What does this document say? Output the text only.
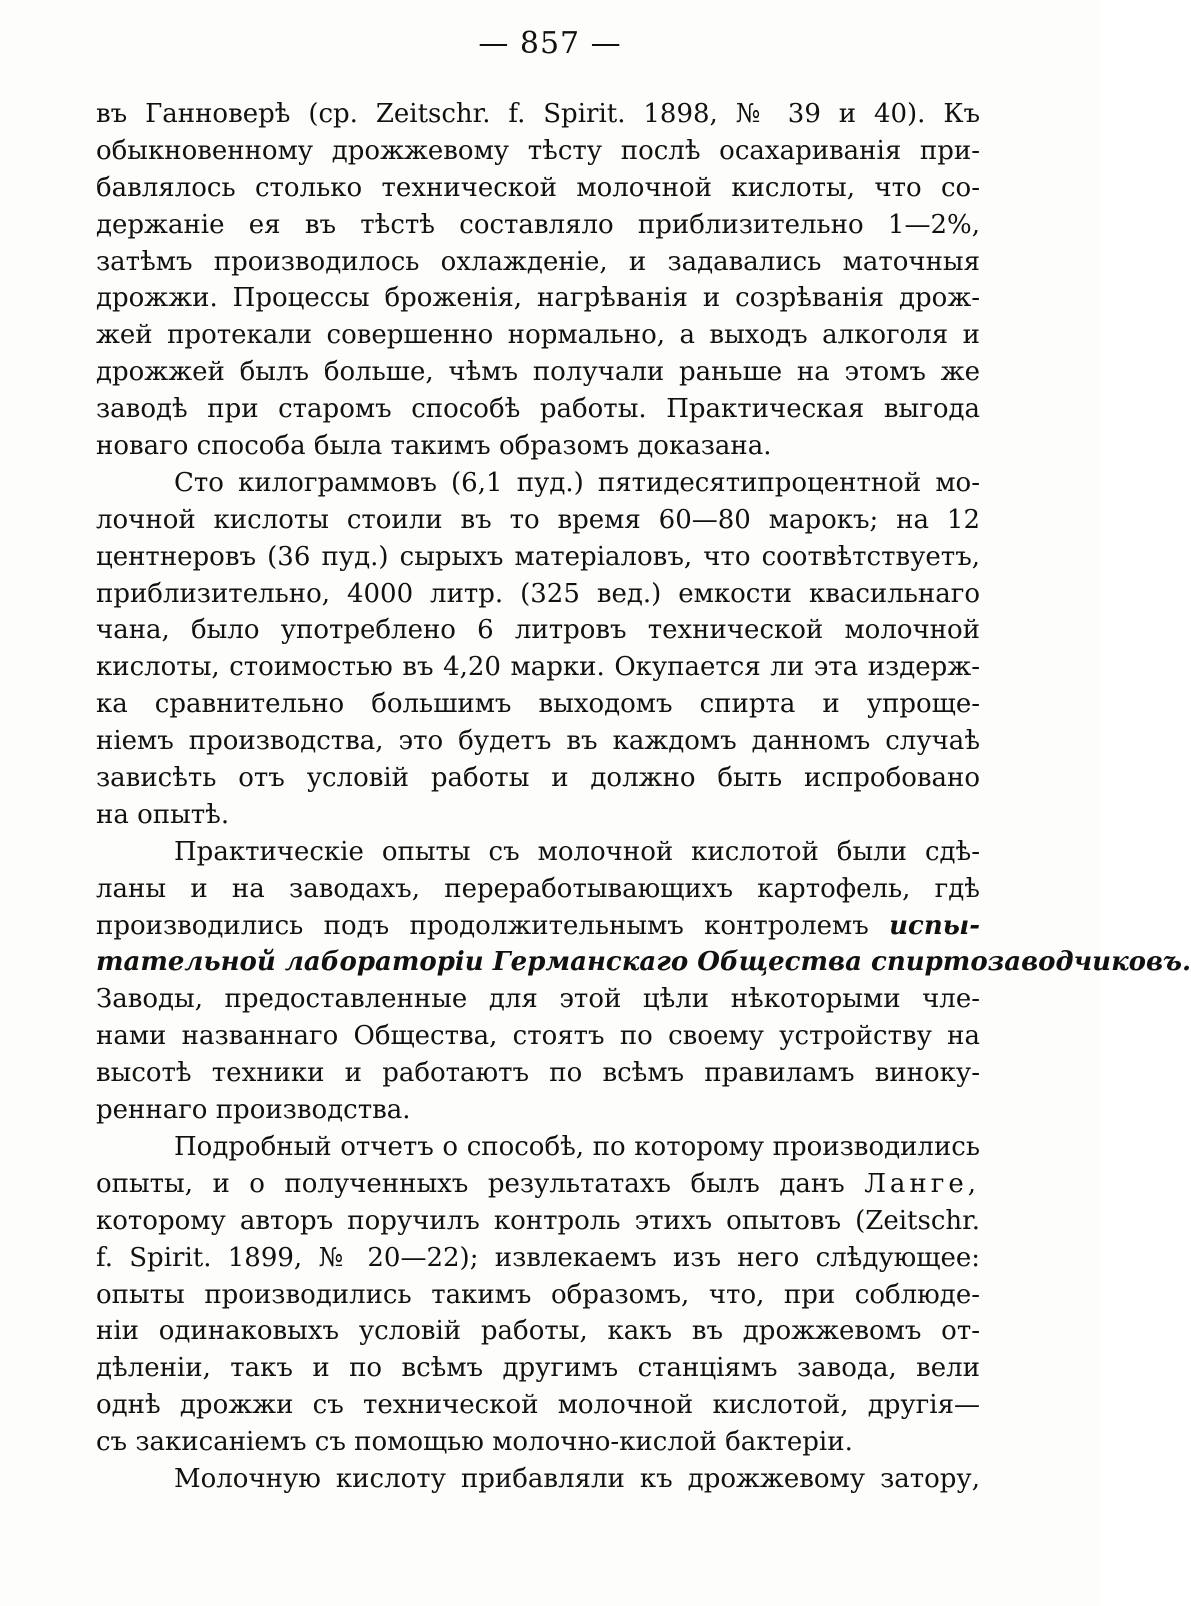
— 857 —
въ Ганноверѣ (ср. Zeitschr. f. Spirit. 1898, № 39 и 40). Къ
обыкновенному дрожжевому тѣсту послѣ осахариванія при-
бавлялось столько технической молочной кислоты, что со-
держаніе ея въ тѣстѣ составляло приблизительно 1—2%,
затѣмъ производилось охлажденіе, и задавались маточныя
дрожжи. Процессы броженія, нагрѣванія и созрѣванія дрож-
жей протекали совершенно нормально, а выходъ алкоголя и
дрожжей былъ больше, чѣмъ получали раньше на этомъ же
заводѣ при старомъ способѣ работы. Практическая выгода
новаго способа была такимъ образомъ доказана.
Сто килограммовъ (6,1 пуд.) пятидесятипроцентной мо-
лочной кислоты стоили въ то время 60—80 марокъ; на 12
центнеровъ (36 пуд.) сырыхъ матеріаловъ, что соотвѣтствуетъ,
приблизительно, 4000 литр. (325 вед.) емкости квасильнаго
чана, было употреблено 6 литровъ технической молочной
кислоты, стоимостью въ 4,20 марки. Окупается ли эта издерж-
ка сравнительно большимъ выходомъ спирта и упроще-
ніемъ производства, это будетъ въ каждомъ данномъ случаѣ
зависѣть отъ условій работы и должно быть испробовано
на опытѣ.
Практическіе опыты съ молочной кислотой были сдѣ-
ланы и на заводахъ, переработывающихъ картофель, гдѣ
производились подъ продолжительнымъ контролемъ испы-
тательной лабораторіи Германскаго Общества спиртозаводчиковъ.
Заводы, предоставленные для этой цѣли нѣкоторыми чле-
нами названнаго Общества, стоятъ по своему устройству на
высотѣ техники и работаютъ по всѣмъ правиламъ виноку-
реннаго производства.
Подробный отчетъ о способѣ, по которому производились
опыты, и о полученныхъ результатахъ былъ данъ Ланге,
которому авторъ поручилъ контроль этихъ опытовъ (Zeitschr.
f. Spirit. 1899, № 20—22); извлекаемъ изъ него слѣдующее:
опыты производились такимъ образомъ, что, при соблюде-
ніи одинаковыхъ условій работы, какъ въ дрожжевомъ от-
дѣленіи, такъ и по всѣмъ другимъ станціямъ завода, вели
однѣ дрожжи съ технической молочной кислотой, другія—
съ закисаніемъ съ помощью молочно-кислой бактеріи.
Молочную кислоту прибавляли къ дрожжевому затору,
